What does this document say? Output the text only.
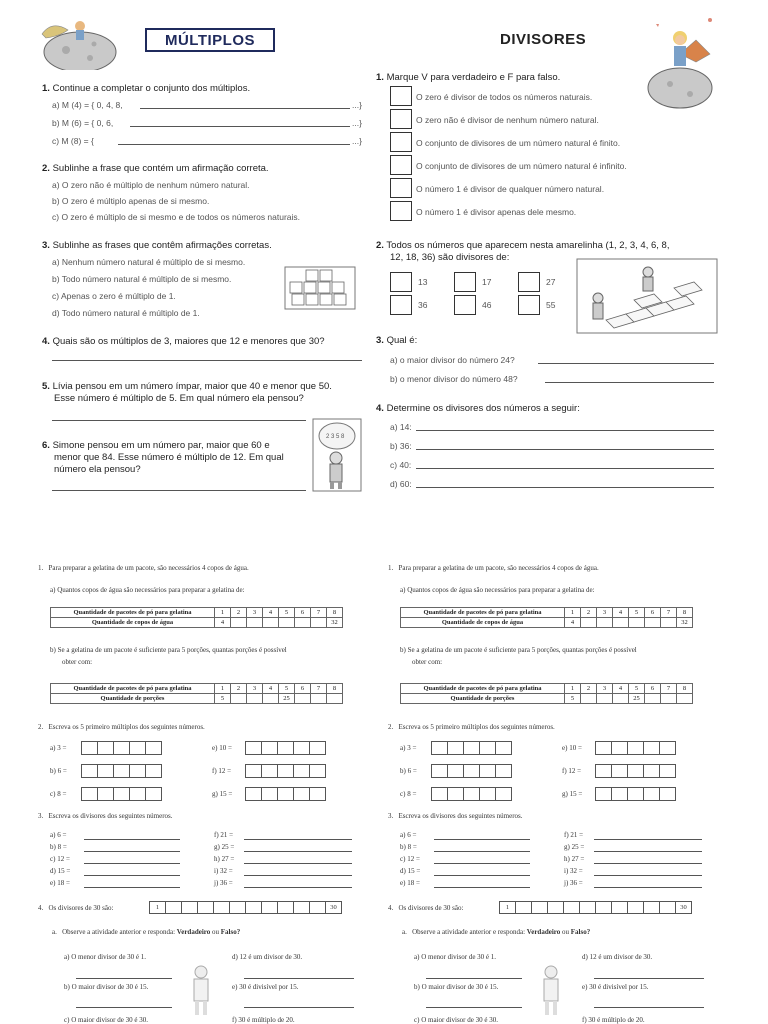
MÚLTIPLOS	DIVISORES
1. Continue a completar o conjunto dos múltiplos.
a) M (4) = { 0, 4, 8,	...}
b) M (6) = { 0, 6,	...}
c) M (8) = {	...}
2. Sublinhe a frase que contém um afirmação correta.
a) O zero não é múltiplo de nenhum número natural.
b) O zero é múltiplo apenas de si mesmo.
c) O zero é múltiplo de si mesmo e de todos os números naturais.
3. Sublinhe as frases que contêm afirmações corretas.
a) Nenhum número natural é múltiplo de si mesmo.
b) Todo número natural é múltiplo de si mesmo.
c) Apenas o zero é múltiplo de 1.
d) Todo número natural é múltiplo de 1.
4. Quais são os múltiplos de 3, maiores que 12 e menores que 30?
5. Lívia pensou em um número ímpar, maior que 40 e menor que 50.
Esse número é múltiplo de 5. Em qual número ela pensou?
6. Simone pensou em um número par, maior que 60 e
menor que 84. Esse número é múltiplo de 12. Em qual
número ela pensou?
2 3 5 8
1. Marque V para verdadeiro e F para falso.
O zero é divisor de todos os números naturais.
O zero não é divisor de nenhum número natural.
O conjunto de divisores de um número natural é finito.
O conjunto de divisores de um número natural é infinito.
O número 1 é divisor de qualquer número natural.
O número 1 é divisor apenas dele mesmo.
2. Todos os números que aparecem nesta amarelinha (1, 2, 3, 4, 6, 8,
12, 18, 36) são divisores de:
13	17	27
36	46	55
3. Qual é:
a) o maior divisor do número 24?
b) o menor divisor do número 48?
4. Determine os divisores dos números a seguir:
a) 14:
b) 36:
c) 40:
d) 60:
1. Para preparar a gelatina de um pacote, são necessários 4 copos de água.
a) Quantos copos de água são necessários para preparar a gelatina de:
Quantidade de pacotes de pó para gelatina	1	2	3	4	5	6	7	8
Quantidade de copos de água	4							32
b) Se a gelatina de um pacote é suficiente para 5 porções, quantas porções é possível
obter com:
Quantidade de pacotes de pó para gelatina	1	2	3	4	5	6	7	8
Quantidade de porções	5				25			
2. Escreva os 5 primeiro múltiplos dos seguintes números.
a) 3 =
b) 6 =
c) 8 =
e) 10 =
f) 12 =
g) 15 =
3. Escreva os divisores dos seguintes números.
a) 6 =
b) 8 =
c) 12 =
d) 15 =
e) 18 =
f) 21 =
g) 25 =
h) 27 =
i) 32 =
j) 36 =
4. Os divisores de 30 são:	1	30
a. Observe a atividade anterior e responda: Verdadeiro ou Falso?
a) O menor divisor de 30 é 1.
b) O maior divisor de 30 é 15.
c) O maior divisor de 30 é 30.
d) 12 é um divisor de 30.
e) 30 é divisível por 15.
f) 30 é múltiplo de 20.
1. Para preparar a gelatina de um pacote, são necessários 4 copos de água.
a) Quantos copos de água são necessários para preparar a gelatina de:
Quantidade de pacotes de pó para gelatina	1	2	3	4	5	6	7	8
Quantidade de copos de água	4							32
b) Se a gelatina de um pacote é suficiente para 5 porções, quantas porções é possível
obter com:
Quantidade de pacotes de pó para gelatina	1	2	3	4	5	6	7	8
Quantidade de porções	5				25			
2. Escreva os 5 primeiro múltiplos dos seguintes números.
a) 3 =
b) 6 =
c) 8 =
e) 10 =
f) 12 =
g) 15 =
3. Escreva os divisores dos seguintes números.
a) 6 =
b) 8 =
c) 12 =
d) 15 =
e) 18 =
f) 21 =
g) 25 =
h) 27 =
i) 32 =
j) 36 =
4. Os divisores de 30 são:	1	30
a. Observe a atividade anterior e responda: Verdadeiro ou Falso?
a) O menor divisor de 30 é 1.
b) O maior divisor de 30 é 15.
c) O maior divisor de 30 é 30.
d) 12 é um divisor de 30.
e) 30 é divisível por 15.
f) 30 é múltiplo de 20.
